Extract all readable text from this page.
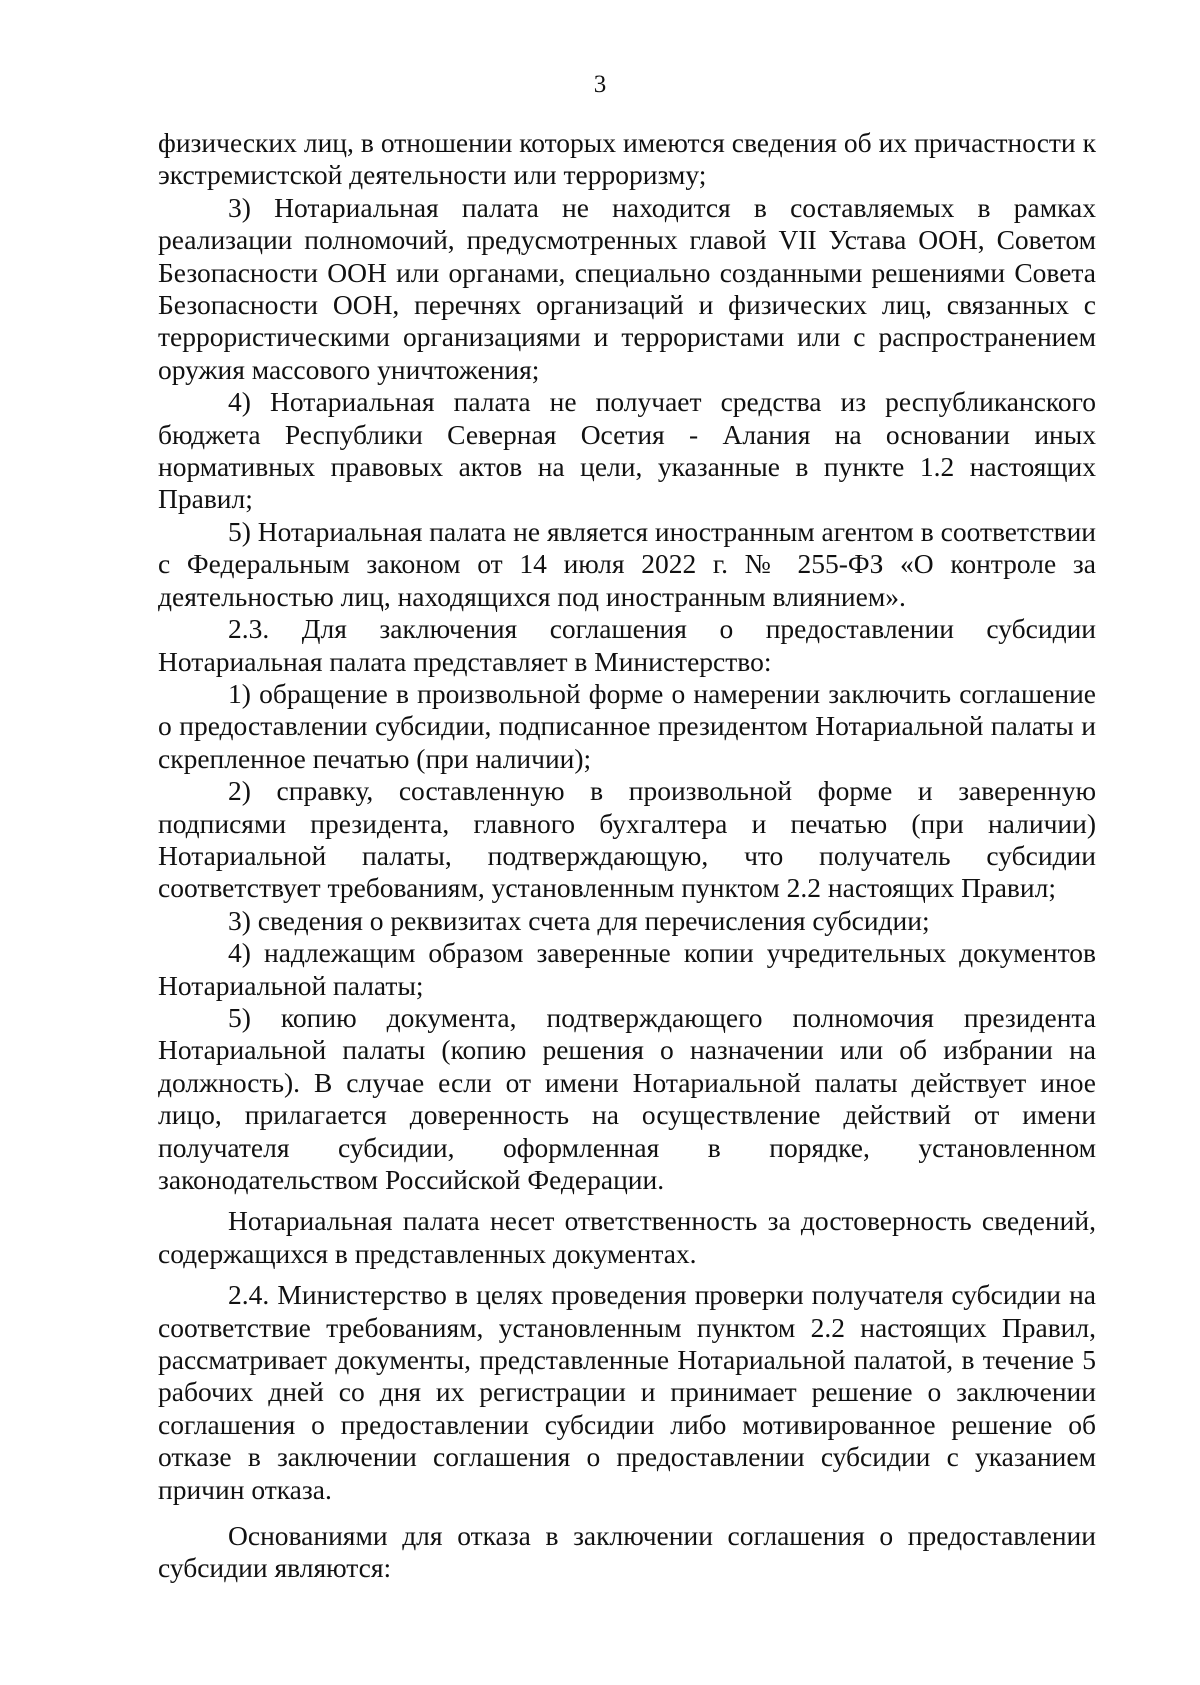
3

физических лиц, в отношении которых имеются сведения об их причастности к экстремистской деятельности или терроризму;

3) Нотариальная палата не находится в составляемых в рамках реализации полномочий, предусмотренных главой VII Устава ООН, Советом Безопасности ООН или органами, специально созданными решениями Совета Безопасности ООН, перечнях организаций и физических лиц, связанных с террористическими организациями и террористами или с распространением оружия массового уничтожения;

4) Нотариальная палата не получает средства из республиканского бюджета Республики Северная Осетия - Алания на основании иных нормативных правовых актов на цели, указанные в пункте 1.2 настоящих Правил;

5) Нотариальная палата не является иностранным агентом в соответствии с Федеральным законом от 14 июля 2022 г. № 255-ФЗ «О контроле за деятельностью лиц, находящихся под иностранным влиянием».

2.3. Для заключения соглашения о предоставлении субсидии Нотариальная палата представляет в Министерство:

1) обращение в произвольной форме о намерении заключить соглашение о предоставлении субсидии, подписанное президентом Нотариальной палаты и скрепленное печатью (при наличии);

2) справку, составленную в произвольной форме и заверенную подписями президента, главного бухгалтера и печатью (при наличии) Нотариальной палаты, подтверждающую, что получатель субсидии соответствует требованиям, установленным пунктом 2.2 настоящих Правил;

3) сведения о реквизитах счета для перечисления субсидии;

4) надлежащим образом заверенные копии учредительных документов Нотариальной палаты;

5) копию документа, подтверждающего полномочия президента Нотариальной палаты (копию решения о назначении или об избрании на должность). В случае если от имени Нотариальной палаты действует иное лицо, прилагается доверенность на осуществление действий от имени получателя субсидии, оформленная в порядке, установленном законодательством Российской Федерации.

Нотариальная палата несет ответственность за достоверность сведений, содержащихся в представленных документах.

2.4. Министерство в целях проведения проверки получателя субсидии на соответствие требованиям, установленным пунктом 2.2 настоящих Правил, рассматривает документы, представленные Нотариальной палатой, в течение 5 рабочих дней со дня их регистрации и принимает решение о заключении соглашения о предоставлении субсидии либо мотивированное решение об отказе в заключении соглашения о предоставлении субсидии с указанием причин отказа.

Основаниями для отказа в заключении соглашения о предоставлении субсидии являются:
